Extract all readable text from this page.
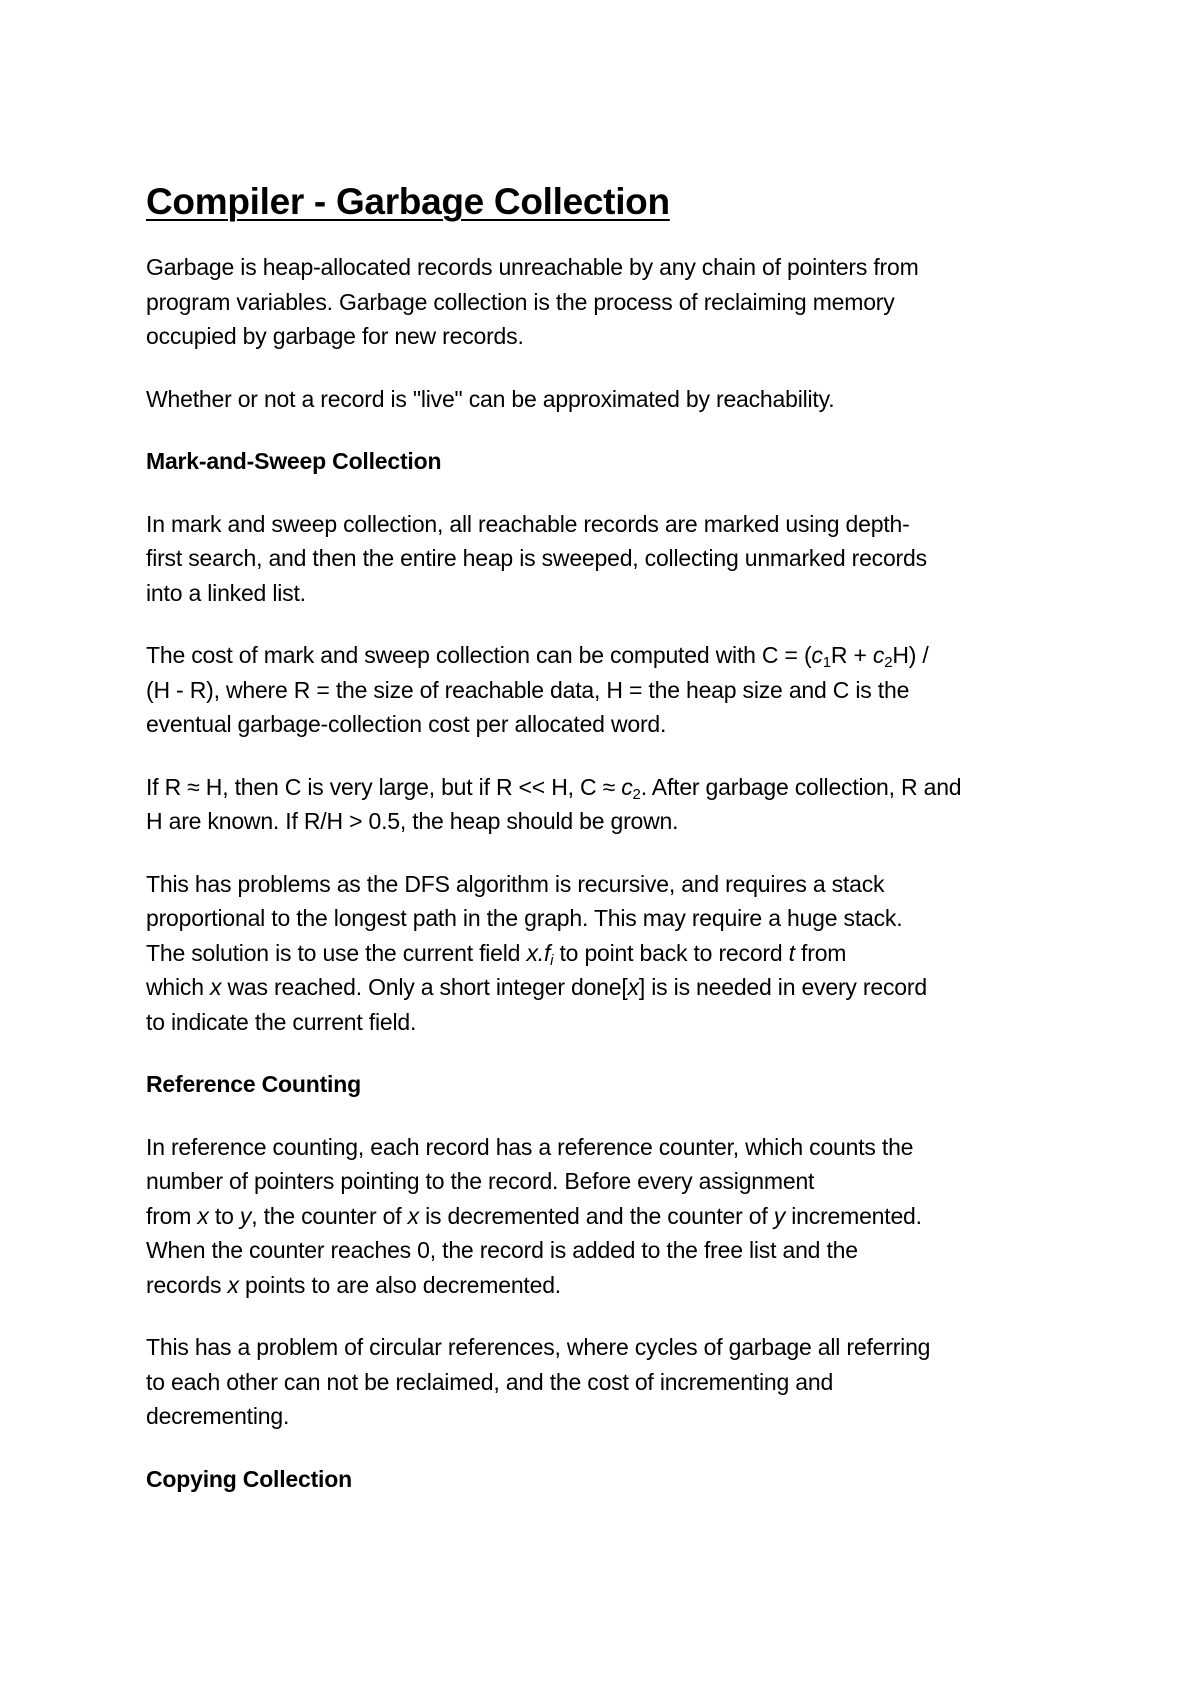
Compiler - Garbage Collection

Garbage is heap-allocated records unreachable by any chain of pointers from
program variables. Garbage collection is the process of reclaiming memory
occupied by garbage for new records.

Whether or not a record is "live" can be approximated by reachability.

Mark-and-Sweep Collection

In mark and sweep collection, all reachable records are marked using depth-
first search, and then the entire heap is sweeped, collecting unmarked records
into a linked list.

The cost of mark and sweep collection can be computed with $C = (c_1R + c_2H)$ /
(H - R), where R = the size of reachable data, H = the heap size and C is the
eventual garbage-collection cost per allocated word.

If R ≈ H, then C is very large, but if R << H, $C \approx c_2$. After garbage collection, R and
H are known. If R/H > 0.5, the heap should be grown.

This has problems as the DFS algorithm is recursive, and requires a stack
proportional to the longest path in the graph. This may require a huge stack.
The solution is to use the current field $x.f_i$ to point back to record t from
which x was reached. Only a short integer done[x] is is needed in every record
to indicate the current field.

Reference Counting

In reference counting, each record has a reference counter, which counts the
number of pointers pointing to the record. Before every assignment
from x to y, the counter of x is decremented and the counter of y incremented.
When the counter reaches 0, the record is added to the free list and the
records x points to are also decremented.

This has a problem of circular references, where cycles of garbage all referring
to each other can not be reclaimed, and the cost of incrementing and
decrementing.

Copying Collection
